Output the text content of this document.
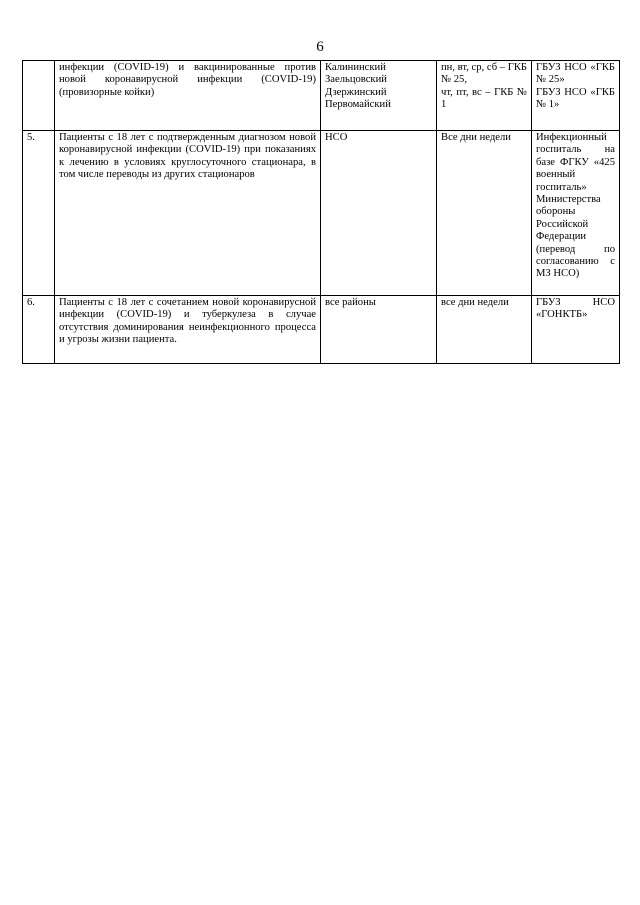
6
	инфекции (COVID-19) и вакцинированные против новой коронавирусной инфекции (COVID-19) (провизорные койки)	Калининский
Заельцовский
Дзержинский
Первомайский	пн, вт, ср, сб – ГКБ № 25,
чт, пт, вс – ГКБ № 1	ГБУЗ НСО «ГКБ № 25»
ГБУЗ НСО «ГКБ № 1»

5.	Пациенты с 18 лет с подтвержденным диагнозом новой коронавирусной инфекции (COVID-19) при показаниях к лечению в условиях круглосуточного стационара, в том числе переводы из других стационаров	НСО	Все дни недели	Инфекционный госпиталь на базе ФГКУ «425 военный госпиталь» Министерства обороны Российской Федерации (перевод по согласованию с МЗ НСО)

6.	Пациенты с 18 лет с сочетанием новой коронавирусной инфекции (COVID-19) и туберкулеза в случае отсутствия доминирования неинфекционного процесса и угрозы жизни пациента.	все районы	все дни недели	ГБУЗ НСО «ГОНКТБ»
